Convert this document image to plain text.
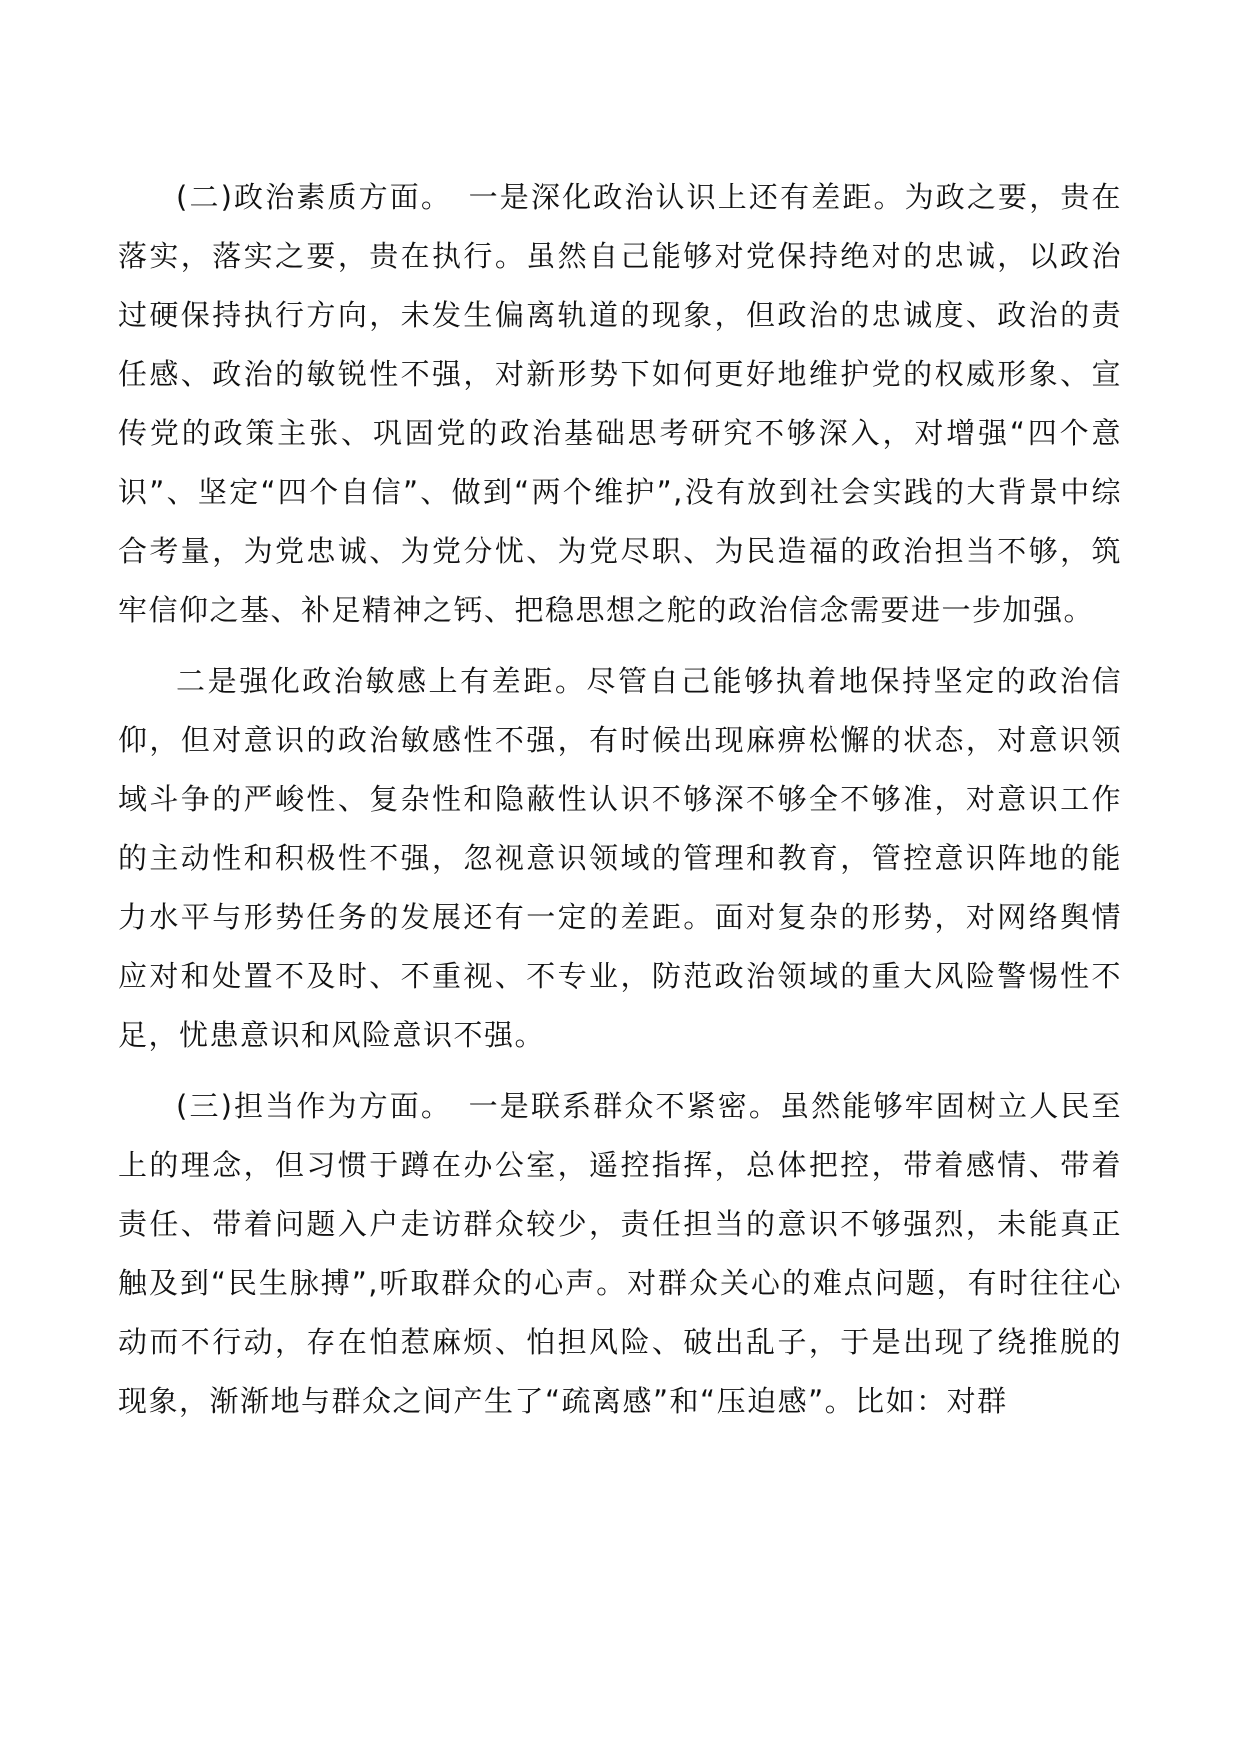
(二)政治素质方面。　一是深化政治认识上还有差距。为政之要，贵在落实，落实之要，贵在执行。虽然自己能够对党保持绝对的忠诚，以政治过硬保持执行方向，未发生偏离轨道的现象，但政治的忠诚度、政治的责任感、政治的敏锐性不强，对新形势下如何更好地维护党的权威形象、宣传党的政策主张、巩固党的政治基础思考研究不够深入，对增强“四个意识”、坚定“四个自信”、做到“两个维护”,没有放到社会实践的大背景中综合考量，为党忠诚、为党分忧、为党尽职、为民造福的政治担当不够，筑牢信仰之基、补足精神之钙、把稳思想之舵的政治信念需要进一步加强。

二是强化政治敏感上有差距。尽管自己能够执着地保持坚定的政治信仰，但对意识的政治敏感性不强，有时候出现麻痹松懈的状态，对意识领域斗争的严峻性、复杂性和隐蔽性认识不够深不够全不够准，对意识工作的主动性和积极性不强，忽视意识领域的管理和教育，管控意识阵地的能力水平与形势任务的发展还有一定的差距。面对复杂的形势，对网络舆情应对和处置不及时、不重视、不专业，防范政治领域的重大风险警惕性不足，忧患意识和风险意识不强。

(三)担当作为方面。　一是联系群众不紧密。虽然能够牢固树立人民至上的理念，但习惯于蹲在办公室，遥控指挥，总体把控，带着感情、带着责任、带着问题入户走访群众较少，责任担当的意识不够强烈，未能真正触及到“民生脉搏”,听取群众的心声。对群众关心的难点问题，有时往往心动而不行动，存在怕惹麻烦、怕担风险、破出乱子，于是出现了绕推脱的现象，渐渐地与群众之间产生了“疏离感”和“压迫感”。比如：对群
